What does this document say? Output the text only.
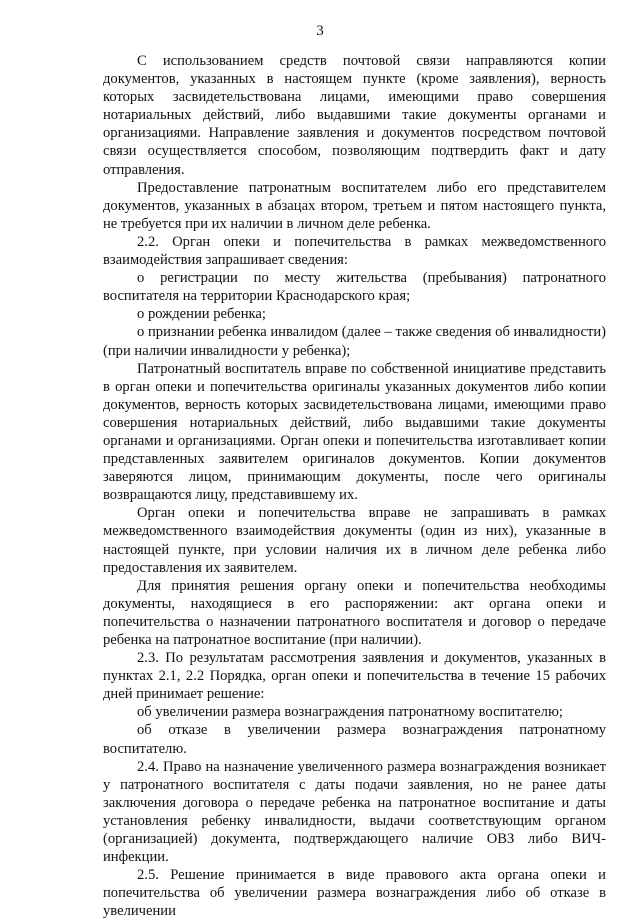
3

С использованием средств почтовой связи направляются копии документов, указанных в настоящем пункте (кроме заявления), верность которых засвидетельствована лицами, имеющими право совершения нотариальных действий, либо выдавшими такие документы органами и организациями. Направление заявления и документов посредством почтовой связи осуществляется способом, позволяющим подтвердить факт и дату отправления.

Предоставление патронатным воспитателем либо его представителем документов, указанных в абзацах втором, третьем и пятом настоящего пункта, не требуется при их наличии в личном деле ребенка.

2.2. Орган опеки и попечительства в рамках межведомственного взаимодействия запрашивает сведения:

о регистрации по месту жительства (пребывания) патронатного воспитателя на территории Краснодарского края;

о рождении ребенка;

о признании ребенка инвалидом (далее – также сведения об инвалидности) (при наличии инвалидности у ребенка);

Патронатный воспитатель вправе по собственной инициативе представить в орган опеки и попечительства оригиналы указанных документов либо копии документов, верность которых засвидетельствована лицами, имеющими право совершения нотариальных действий, либо выдавшими такие документы органами и организациями. Орган опеки и попечительства изготавливает копии представленных заявителем оригиналов документов. Копии документов заверяются лицом, принимающим документы, после чего оригиналы возвращаются лицу, представившему их.

Орган опеки и попечительства вправе не запрашивать в рамках межведомственного взаимодействия документы (один из них), указанные в настоящей пункте, при условии наличия их в личном деле ребенка либо предоставления их заявителем.

Для принятия решения органу опеки и попечительства необходимы документы, находящиеся в его распоряжении: акт органа опеки и попечительства о назначении патронатного воспитателя и договор о передаче ребенка на патронатное воспитание (при наличии).

2.3. По результатам рассмотрения заявления и документов, указанных в пунктах 2.1, 2.2 Порядка, орган опеки и попечительства в течение 15 рабочих дней принимает решение:

об увеличении размера вознаграждения патронатному воспитателю;

об отказе в увеличении размера вознаграждения патронатному воспитателю.

2.4. Право на назначение увеличенного размера вознаграждения возникает у патронатного воспитателя с даты подачи заявления, но не ранее даты заключения договора о передаче ребенка на патронатное воспитание и даты установления ребенку инвалидности, выдачи соответствующим органом (организацией) документа, подтверждающего наличие ОВЗ либо ВИЧ-инфекции.

2.5. Решение принимается в виде правового акта органа опеки и попечительства об увеличении размера вознаграждения либо об отказе в увеличении
